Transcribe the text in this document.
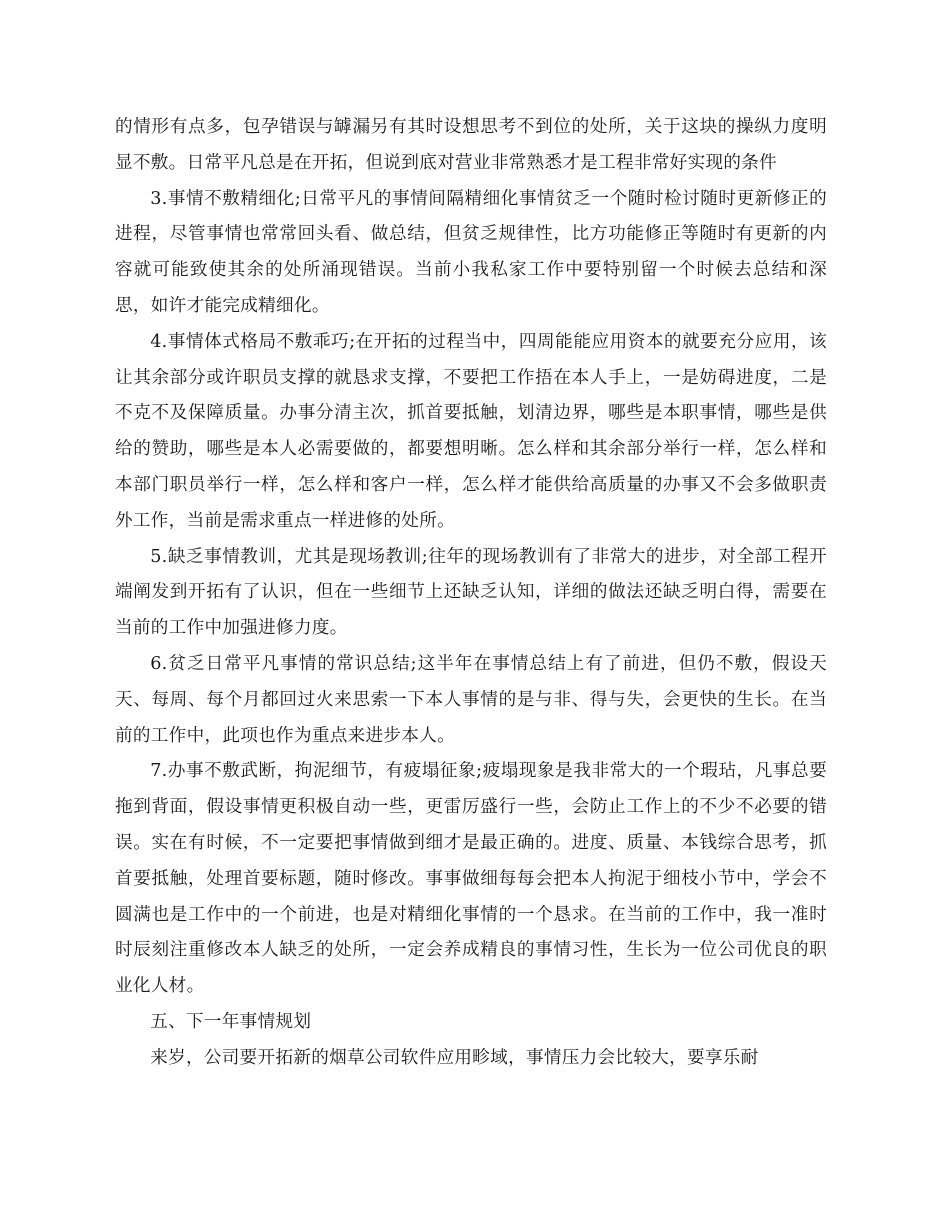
的情形有点多，包孕错误与罅漏另有其时设想思考不到位的处所，关于这块的操纵力度明显不敷。日常平凡总是在开拓，但说到底对营业非常熟悉才是工程非常好实现的条件

3.事情不敷精细化;日常平凡的事情间隔精细化事情贫乏一个随时检讨随时更新修正的进程，尽管事情也常常回头看、做总结，但贫乏规律性，比方功能修正等随时有更新的内容就可能致使其余的处所涌现错误。当前小我私家工作中要特别留一个时候去总结和深思，如许才能完成精细化。

4.事情体式格局不敷乖巧;在开拓的过程当中，四周能能应用资本的就要充分应用，该让其余部分或许职员支撑的就恳求支撑，不要把工作捂在本人手上，一是妨碍进度，二是不克不及保障质量。办事分清主次，抓首要抵触，划清边界，哪些是本职事情，哪些是供给的赞助，哪些是本人必需要做的，都要想明晰。怎么样和其余部分举行一样，怎么样和本部门职员举行一样，怎么样和客户一样，怎么样才能供给高质量的办事又不会多做职责外工作，当前是需求重点一样进修的处所。

5.缺乏事情教训，尤其是现场教训;往年的现场教训有了非常大的进步，对全部工程开端阐发到开拓有了认识，但在一些细节上还缺乏认知，详细的做法还缺乏明白得，需要在当前的工作中加强进修力度。

6.贫乏日常平凡事情的常识总结;这半年在事情总结上有了前进，但仍不敷，假设天天、每周、每个月都回过火来思索一下本人事情的是与非、得与失，会更快的生长。在当前的工作中，此项也作为重点来进步本人。

7.办事不敷武断，拘泥细节，有疲塌征象;疲塌现象是我非常大的一个瑕玷，凡事总要拖到背面，假设事情更积极自动一些，更雷厉盛行一些，会防止工作上的不少不必要的错误。实在有时候，不一定要把事情做到细才是最正确的。进度、质量、本钱综合思考，抓首要抵触，处理首要标题，随时修改。事事做细每每会把本人拘泥于细枝小节中，学会不圆满也是工作中的一个前进，也是对精细化事情的一个恳求。在当前的工作中，我一准时时辰刻注重修改本人缺乏的处所，一定会养成精良的事情习性，生长为一位公司优良的职业化人材。

五、下一年事情规划

来岁，公司要开拓新的烟草公司软件应用畛域，事情压力会比较大，要享乐耐
